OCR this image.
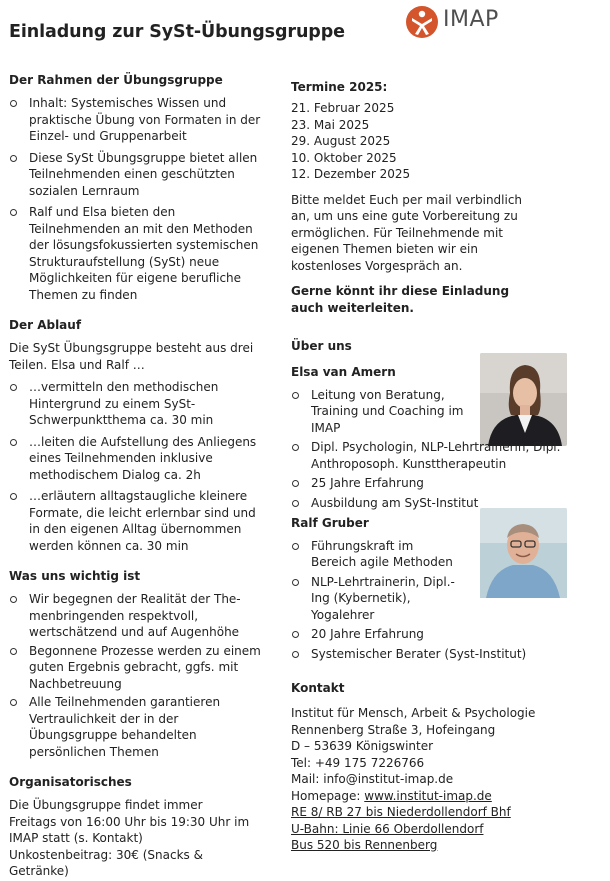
Einladung zur SySt-Übungsgruppe	IMAP
Der Rahmen der Übungsgruppe
Inhalt: Systemisches Wissen und praktische Übung von Formaten in der Einzel- und Gruppenarbeit
Diese SySt Übungsgruppe bietet allen Teilnehmenden einen geschützten sozialen Lernraum
Ralf und Elsa bieten den Teilnehmenden an mit den Methoden der lösungsfokussierten systemischen Strukturaufstellung (SySt) neue Möglichkeiten für eigene berufliche Themen zu finden
Der Ablauf

Die SySt Übungsgruppe besteht aus drei Teilen. Elsa und Ralf …

…vermitteln den methodischen Hintergrund zu einem SySt-Schwerpunktthema ca. 30 min
…leiten die Aufstellung des Anliegens eines Teilnehmenden inklusive methodischem Dialog ca. 2h
…erläutern alltagstaugliche kleinere Formate, die leicht erlernbar sind und in den eigenen Alltag übernommen werden können ca. 30 min
Was uns wichtig ist
Wir begegnen der Realität der The-menbringenden respektvoll, wertschätzend und auf Augenhöhe
Begonnene Prozesse werden zu einem guten Ergebnis gebracht, ggfs. mit Nachbetreuung
Alle Teilnehmenden garantieren Vertraulichkeit der in der Übungsgruppe behandelten persönlichen Themen
Organisatorisches
Die Übungsgruppe findet immer
Freitags von 16:00 Uhr bis 19:30 Uhr im
IMAP statt (s. Kontakt)
Unkostenbeitrag: 30€ (Snacks & Getränke)
Termine 2025:
21. Februar 2025
23. Mai 2025
29. August 2025
10. Oktober 2025
12. Dezember 2025

Bitte meldet Euch per mail verbindlich an, um uns eine gute Vorbereitung zu ermöglichen. Für Teilnehmende mit eigenen Themen bieten wir ein kostenloses Vorgespräch an.

Gerne könnt ihr diese Einladung auch weiterleiten.

Über uns
Elsa van Amern
Leitung von Beratung, Training und Coaching im IMAP
Dipl. Psychologin, NLP-Lehrtrainerin, Dipl. Anthroposoph. Kunsttherapeutin
25 Jahre Erfahrung
Ausbildung am SySt-Institut
Ralf Gruber
Führungskraft im Bereich agile Methoden
NLP-Lehrtrainerin, Dipl.-Ing (Kybernetik), Yogalehrer
20 Jahre Erfahrung
Systemischer Berater (Syst-Institut)
Kontakt
Institut für Mensch, Arbeit & Psychologie
Rennenberg Straße 3, Hofeingang
D – 53639 Königswinter
Tel: +49 175 7226766
Mail: info@institut-imap.de
Homepage: www.institut-imap.de
RE 8/ RB 27 bis Niederdollendorf Bhf
U-Bahn: Linie 66 Oberdollendorf
Bus 520 bis Rennenberg
